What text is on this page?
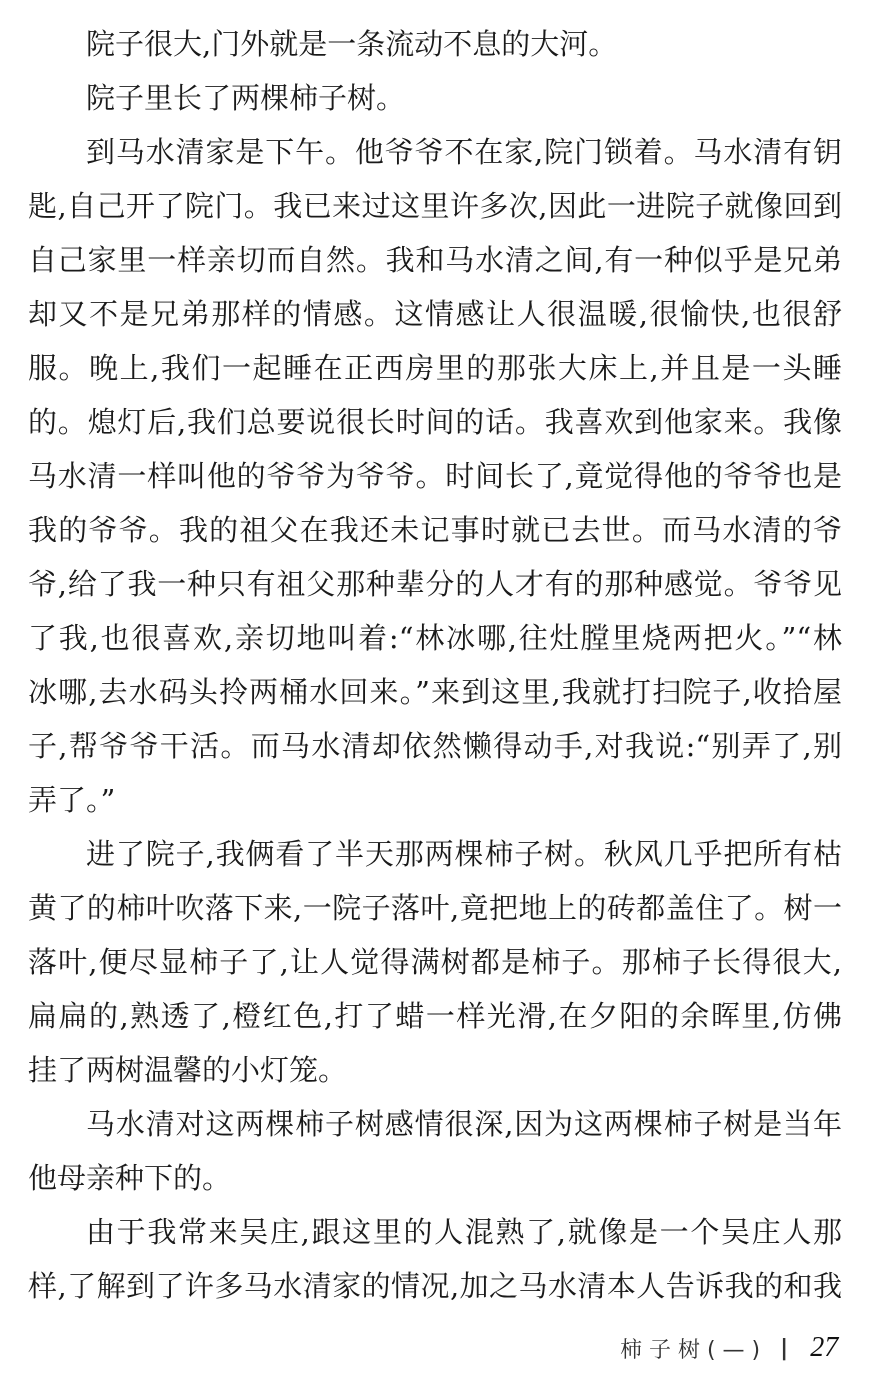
院子很大,门外就是一条流动不息的大河。
院子里长了两棵柿子树。
到马水清家是下午。他爷爷不在家,院门锁着。马水清有钥
匙,自己开了院门。我已来过这里许多次,因此一进院子就像回到
自己家里一样亲切而自然。我和马水清之间,有一种似乎是兄弟
却又不是兄弟那样的情感。这情感让人很温暖,很愉快,也很舒
服。晚上,我们一起睡在正西房里的那张大床上,并且是一头睡
的。熄灯后,我们总要说很长时间的话。我喜欢到他家来。我像
马水清一样叫他的爷爷为爷爷。时间长了,竟觉得他的爷爷也是
我的爷爷。我的祖父在我还未记事时就已去世。而马水清的爷
爷,给了我一种只有祖父那种辈分的人才有的那种感觉。爷爷见
了我,也很喜欢,亲切地叫着:“林冰哪,往灶膛里烧两把火。”“林
冰哪,去水码头拎两桶水回来。”来到这里,我就打扫院子,收拾屋
子,帮爷爷干活。而马水清却依然懒得动手,对我说:“别弄了,别
弄了。”
进了院子,我俩看了半天那两棵柿子树。秋风几乎把所有枯
黄了的柿叶吹落下来,一院子落叶,竟把地上的砖都盖住了。树一
落叶,便尽显柿子了,让人觉得满树都是柿子。那柿子长得很大,
扁扁的,熟透了,橙红色,打了蜡一样光滑,在夕阳的余晖里,仿佛
挂了两树温馨的小灯笼。
马水清对这两棵柿子树感情很深,因为这两棵柿子树是当年
他母亲种下的。
由于我常来吴庄,跟这里的人混熟了,就像是一个吴庄人那
样,了解到了许多马水清家的情况,加之马水清本人告诉我的和我
柿 子 树 ( — ) | 27
